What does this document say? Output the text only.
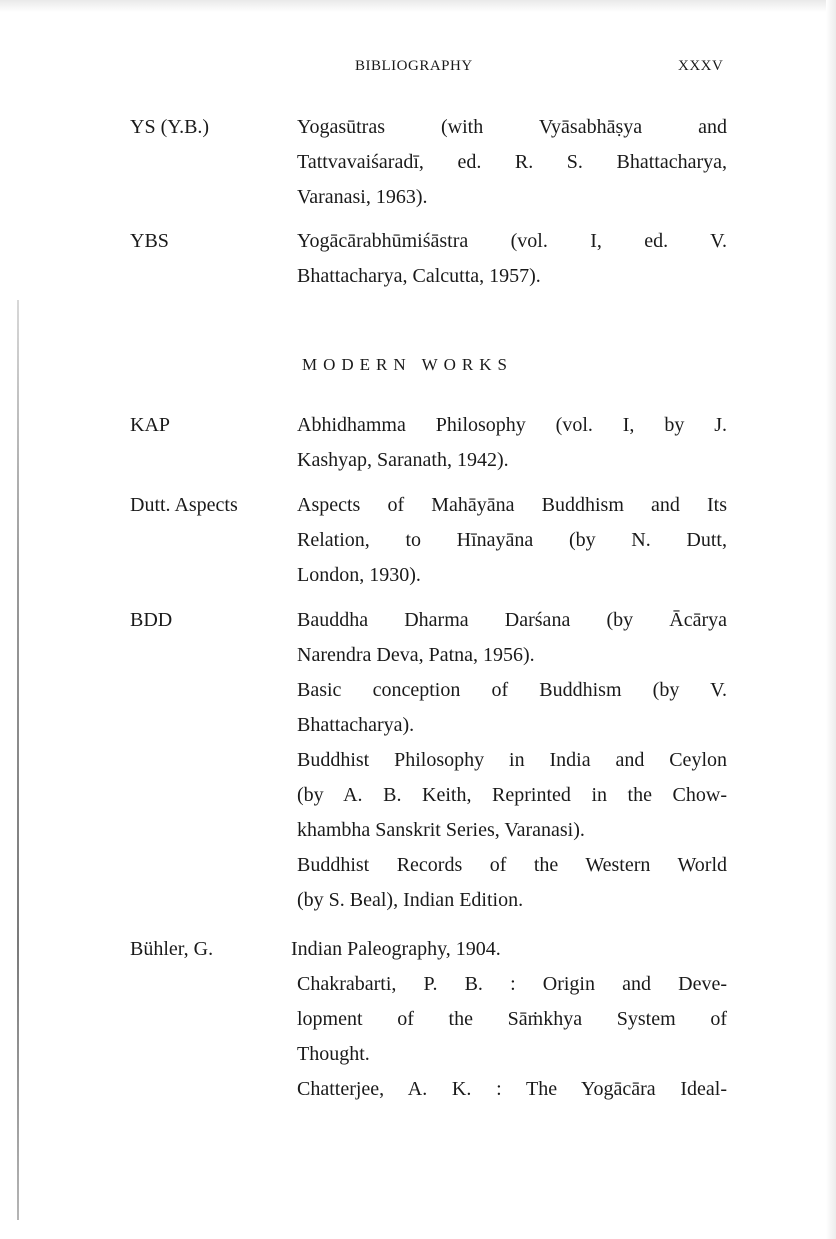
BIBLIOGRAPHY	XXXV
YS (Y.B.)	Yogasūtras (with Vyāsabhāṣya and
Tattvavaiśaradī, ed. R. S. Bhattacharya,
Varanasi, 1963).
YBS	Yogācārabhūmiśāstra (vol. I, ed. V.
Bhattacharya, Calcutta, 1957).
MODERN WORKS
KAP	Abhidhamma Philosophy (vol. I, by J.
Kashyap, Saranath, 1942).
Dutt. Aspects	Aspects of Mahāyāna Buddhism and Its
Relation, to Hīnayāna (by N. Dutt,
London, 1930).
BDD	Bauddha Dharma Darśana (by Ācārya
Narendra Deva, Patna, 1956).
Basic conception of Buddhism (by V.
Bhattacharya).
Buddhist Philosophy in India and Ceylon
(by A. B. Keith, Reprinted in the Chow-
khambha Sanskrit Series, Varanasi).
Buddhist Records of the Western World
(by S. Beal), Indian Edition.
Bühler, G.	Indian Paleography, 1904.
Chakrabarti, P. B. : Origin and Deve-
lopment of the Sāṁkhya System of
Thought.
Chatterjee, A. K. : The Yogācāra Ideal-
